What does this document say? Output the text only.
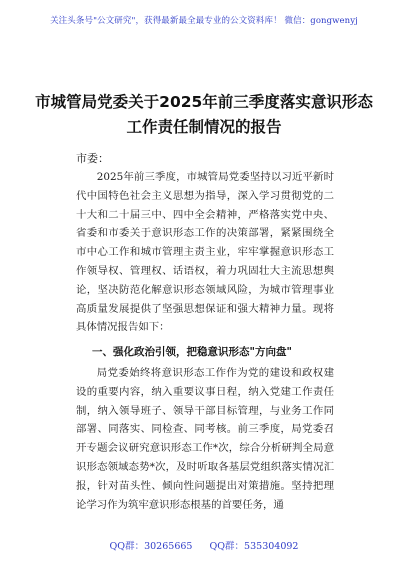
关注头条号"公文研究"，获得最新最全最专业的公文资料库！ 微信：gongwenyj
市城管局党委关于2025年前三季度落实意识形态
工作责任制情况的报告
市委：
2025年前三季度，市城管局党委坚持以习近平新时代中国特色社会主义思想为指导，深入学习贯彻党的二十大和二十届三中、四中全会精神，严格落实党中央、省委和市委关于意识形态工作的决策部署，紧紧围绕全市中心工作和城市管理主责主业，牢牢掌握意识形态工作领导权、管理权、话语权，着力巩固壮大主流思想舆论，坚决防范化解意识形态领域风险，为城市管理事业高质量发展提供了坚强思想保证和强大精神力量。现将具体情况报告如下：
一、强化政治引领，把稳意识形态"方向盘"
局党委始终将意识形态工作作为党的建设和政权建设的重要内容，纳入重要议事日程，纳入党建工作责任制，纳入领导班子、领导干部目标管理，与业务工作同部署、同落实、同检查、同考核。前三季度，局党委召开专题会议研究意识形态工作*次，综合分析研判全局意识形态领域态势*次，及时听取各基层党组织落实情况汇报，针对苗头性、倾向性问题提出对策措施。坚持把理论学习作为筑牢意识形态根基的首要任务，通
QQ群：30265665 QQ群：535304092
